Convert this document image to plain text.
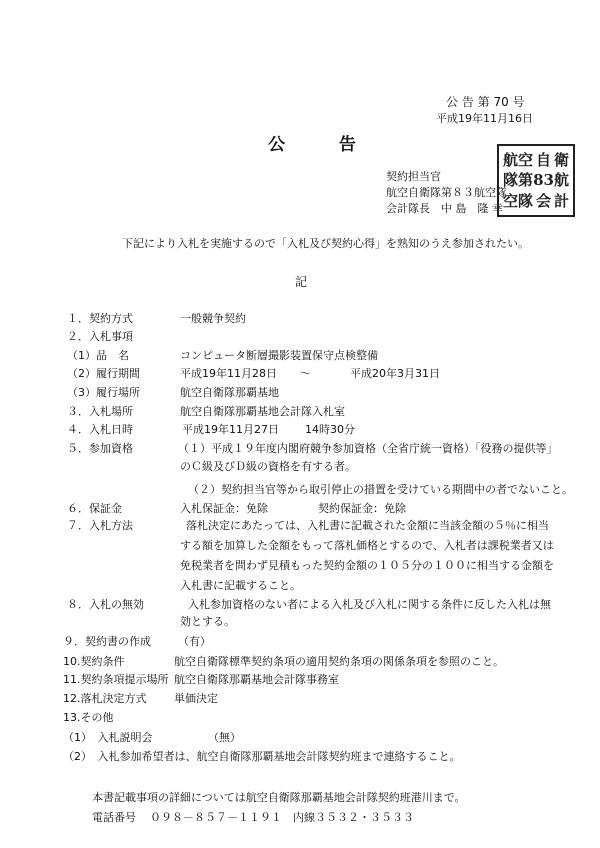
公 告 第 70 号
平成19年11月16日
公 告
契約担当官
航空自衛隊第８３航空隊
会計隊長　中 島　隆 幸
航 空 自 衛
隊 第 83 航
空 隊 会 計
下記により入札を実施するので「入札及び契約心得」を熟知のうえ参加されたい。
記
１．契約方式	一般競争契約
２．入札事項
（1）品　名	コンピュータ断層撮影装置保守点検整備
（2）履行期間	平成19年11月28日 ～	平成20年3月31日
（3）履行場所	航空自衛隊那覇基地
３．入札場所	航空自衛隊那覇基地会計隊入札室
４．入札日時	平成19年11月27日 14時30分
５．参加資格	（１）平成１９年度内閣府競争参加資格（全省庁統一資格）「役務の提供等」
のＣ級及びＤ級の資格を有する者。
（２）契約担当官等から取引停止の措置を受けている期間中の者でないこと。
６．保証金	入札保証金：免除	契約保証金：免除
７．入札方法	落札決定にあたっては、入札書に記載された金額に当該金額の５％に相当
する額を加算した金額をもって落札価格とするので、入札者は課税業者又は
免税業者を問わず見積もった契約金額の１０５分の１００に相当する金額を
入札書に記載すること。
８．入札の無効	入札参加資格のない者による入札及び入札に関する条件に反した入札は無
効とする。
９．契約書の作成 （有）
10.契約条件	航空自衛隊標準契約条項の適用契約条項の関係条項を参照のこと。
11.契約条項提示場所 航空自衛隊那覇基地会計隊事務室
12.落札決定方式	単価決定
13.その他
（1）　入札説明会	（無）
（2）　入札参加希望者は、航空自衛隊那覇基地会計隊契約班まで連絡すること。
本書記載事項の詳細については航空自衛隊那覇基地会計隊契約班港川まで。
電話番号 ０９８－８５７－１１９１　内線３５３２・３５３３
